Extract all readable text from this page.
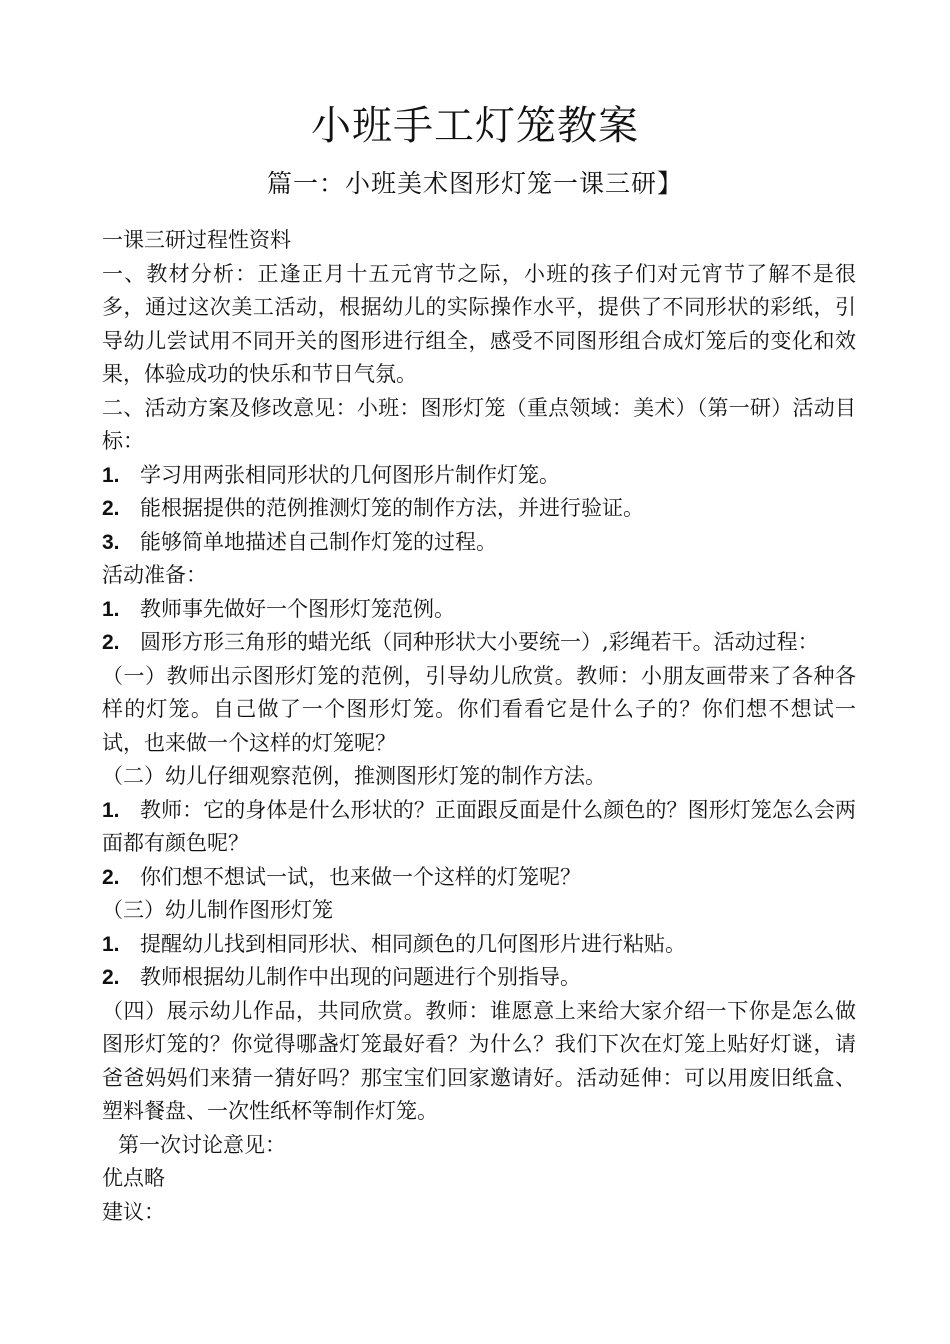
小班手工灯笼教案
篇一：小班美术图形灯笼一课三研】

一课三研过程性资料

一、教材分析：正逢正月十五元宵节之际，小班的孩子们对元宵节了解不是很多，通过这次美工活动，根据幼儿的实际操作水平，提供了不同形状的彩纸，引导幼儿尝试用不同开关的图形进行组全，感受不同图形组合成灯笼后的变化和效果，体验成功的快乐和节日气氛。

二、活动方案及修改意见：小班：图形灯笼（重点领域：美术）（第一研）活动目标：

1. 学习用两张相同形状的几何图形片制作灯笼。

2. 能根据提供的范例推测灯笼的制作方法，并进行验证。

3. 能够简单地描述自己制作灯笼的过程。

活动准备：

1. 教师事先做好一个图形灯笼范例。

2. 圆形方形三角形的蜡光纸（同种形状大小要统一）,彩绳若干。活动过程：

（一）教师出示图形灯笼的范例，引导幼儿欣赏。教师：小朋友画带来了各种各样的灯笼。自己做了一个图形灯笼。你们看看它是什么子的？你们想不想试一试，也来做一个这样的灯笼呢？

（二）幼儿仔细观察范例，推测图形灯笼的制作方法。

1. 教师：它的身体是什么形状的？正面跟反面是什么颜色的？图形灯笼怎么会两面都有颜色呢？

2. 你们想不想试一试，也来做一个这样的灯笼呢？

（三）幼儿制作图形灯笼

1. 提醒幼儿找到相同形状、相同颜色的几何图形片进行粘贴。

2. 教师根据幼儿制作中出现的问题进行个别指导。

（四）展示幼儿作品，共同欣赏。教师：谁愿意上来给大家介绍一下你是怎么做图形灯笼的？你觉得哪盏灯笼最好看？为什么？我们下次在灯笼上贴好灯谜，请爸爸妈妈们来猜一猜好吗？那宝宝们回家邀请好。活动延伸：可以用废旧纸盒、塑料餐盘、一次性纸杯等制作灯笼。

第一次讨论意见：

优点略

建议：
